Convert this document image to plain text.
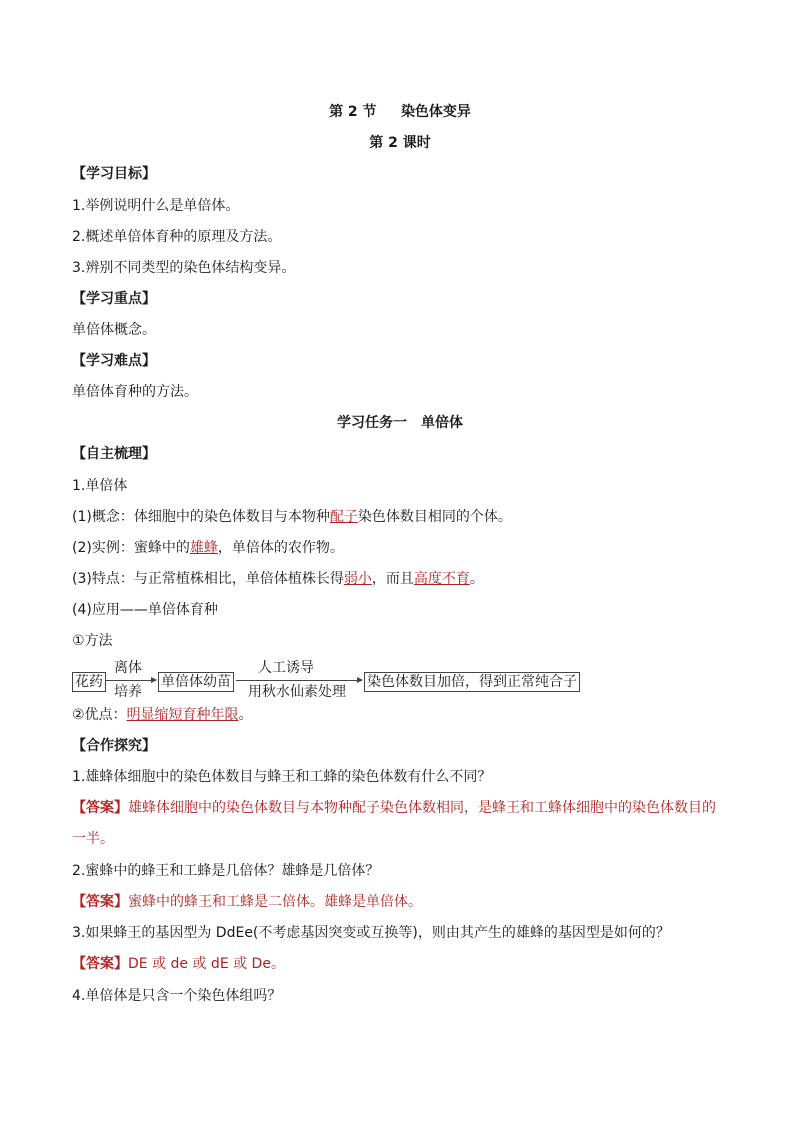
第 2 节 染色体变异
第 2 课时
【学习目标】
1.举例说明什么是单倍体。
2.概述单倍体育种的原理及方法。
3.辨别不同类型的染色体结构变异。
【学习重点】
单倍体概念。
【学习难点】
单倍体育种的方法。
学习任务一　单倍体
【自主梳理】
1.单倍体
(1)概念：体细胞中的染色体数目与本物种配子染色体数目相同的个体。
(2)实例：蜜蜂中的雄蜂，单倍体的农作物。
(3)特点：与正常植株相比，单倍体植株长得弱小，而且高度不育。
(4)应用——单倍体育种
①方法
花药
离体
培养
单倍体幼苗
人工诱导
用秋水仙素处理
染色体数目加倍，得到正常纯合子
②优点：明显缩短育种年限。
【合作探究】
1.雄蜂体细胞中的染色体数目与蜂王和工蜂的染色体数有什么不同？
【答案】雄蜂体细胞中的染色体数目与本物种配子染色体数相同，是蜂王和工蜂体细胞中的染色体数目的一半。
2.蜜蜂中的蜂王和工蜂是几倍体？雄蜂是几倍体？
【答案】蜜蜂中的蜂王和工蜂是二倍体。雄蜂是单倍体。
3.如果蜂王的基因型为 DdEe(不考虑基因突变或互换等)，则由其产生的雄蜂的基因型是如何的？
【答案】DE 或 de 或 dE 或 De。
4.单倍体是只含一个染色体组吗？
